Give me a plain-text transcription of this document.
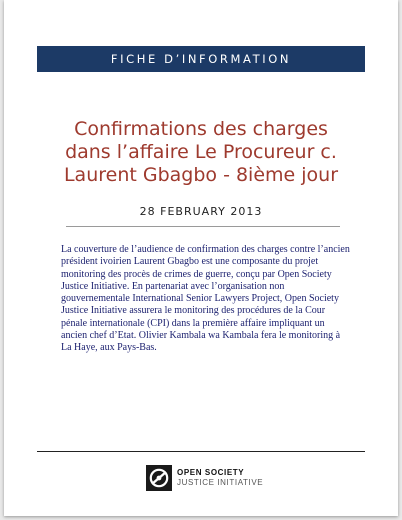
FICHE D’INFORMATION
Confirmations des charges
dans l’affaire Le Procureur c.
Laurent Gbagbo - 8ième jour
28 FEBRUARY 2013

La couverture de l’audience de confirmation des charges contre l’ancien président ivoirien Laurent Gbagbo est une composante du projet monitoring des procès de crimes de guerre, conçu par Open Society Justice Initiative. En partenariat avec l’organisation non gouvernementale International Senior Lawyers Project, Open Society Justice Initiative assurera le monitoring des procédures de la Cour pénale internationale (CPI) dans la première affaire impliquant un ancien chef d’Etat. Olivier Kambala wa Kambala fera le monitoring à La Haye, aux Pays-Bas.

OPEN SOCIETY
JUSTICE INITIATIVE
